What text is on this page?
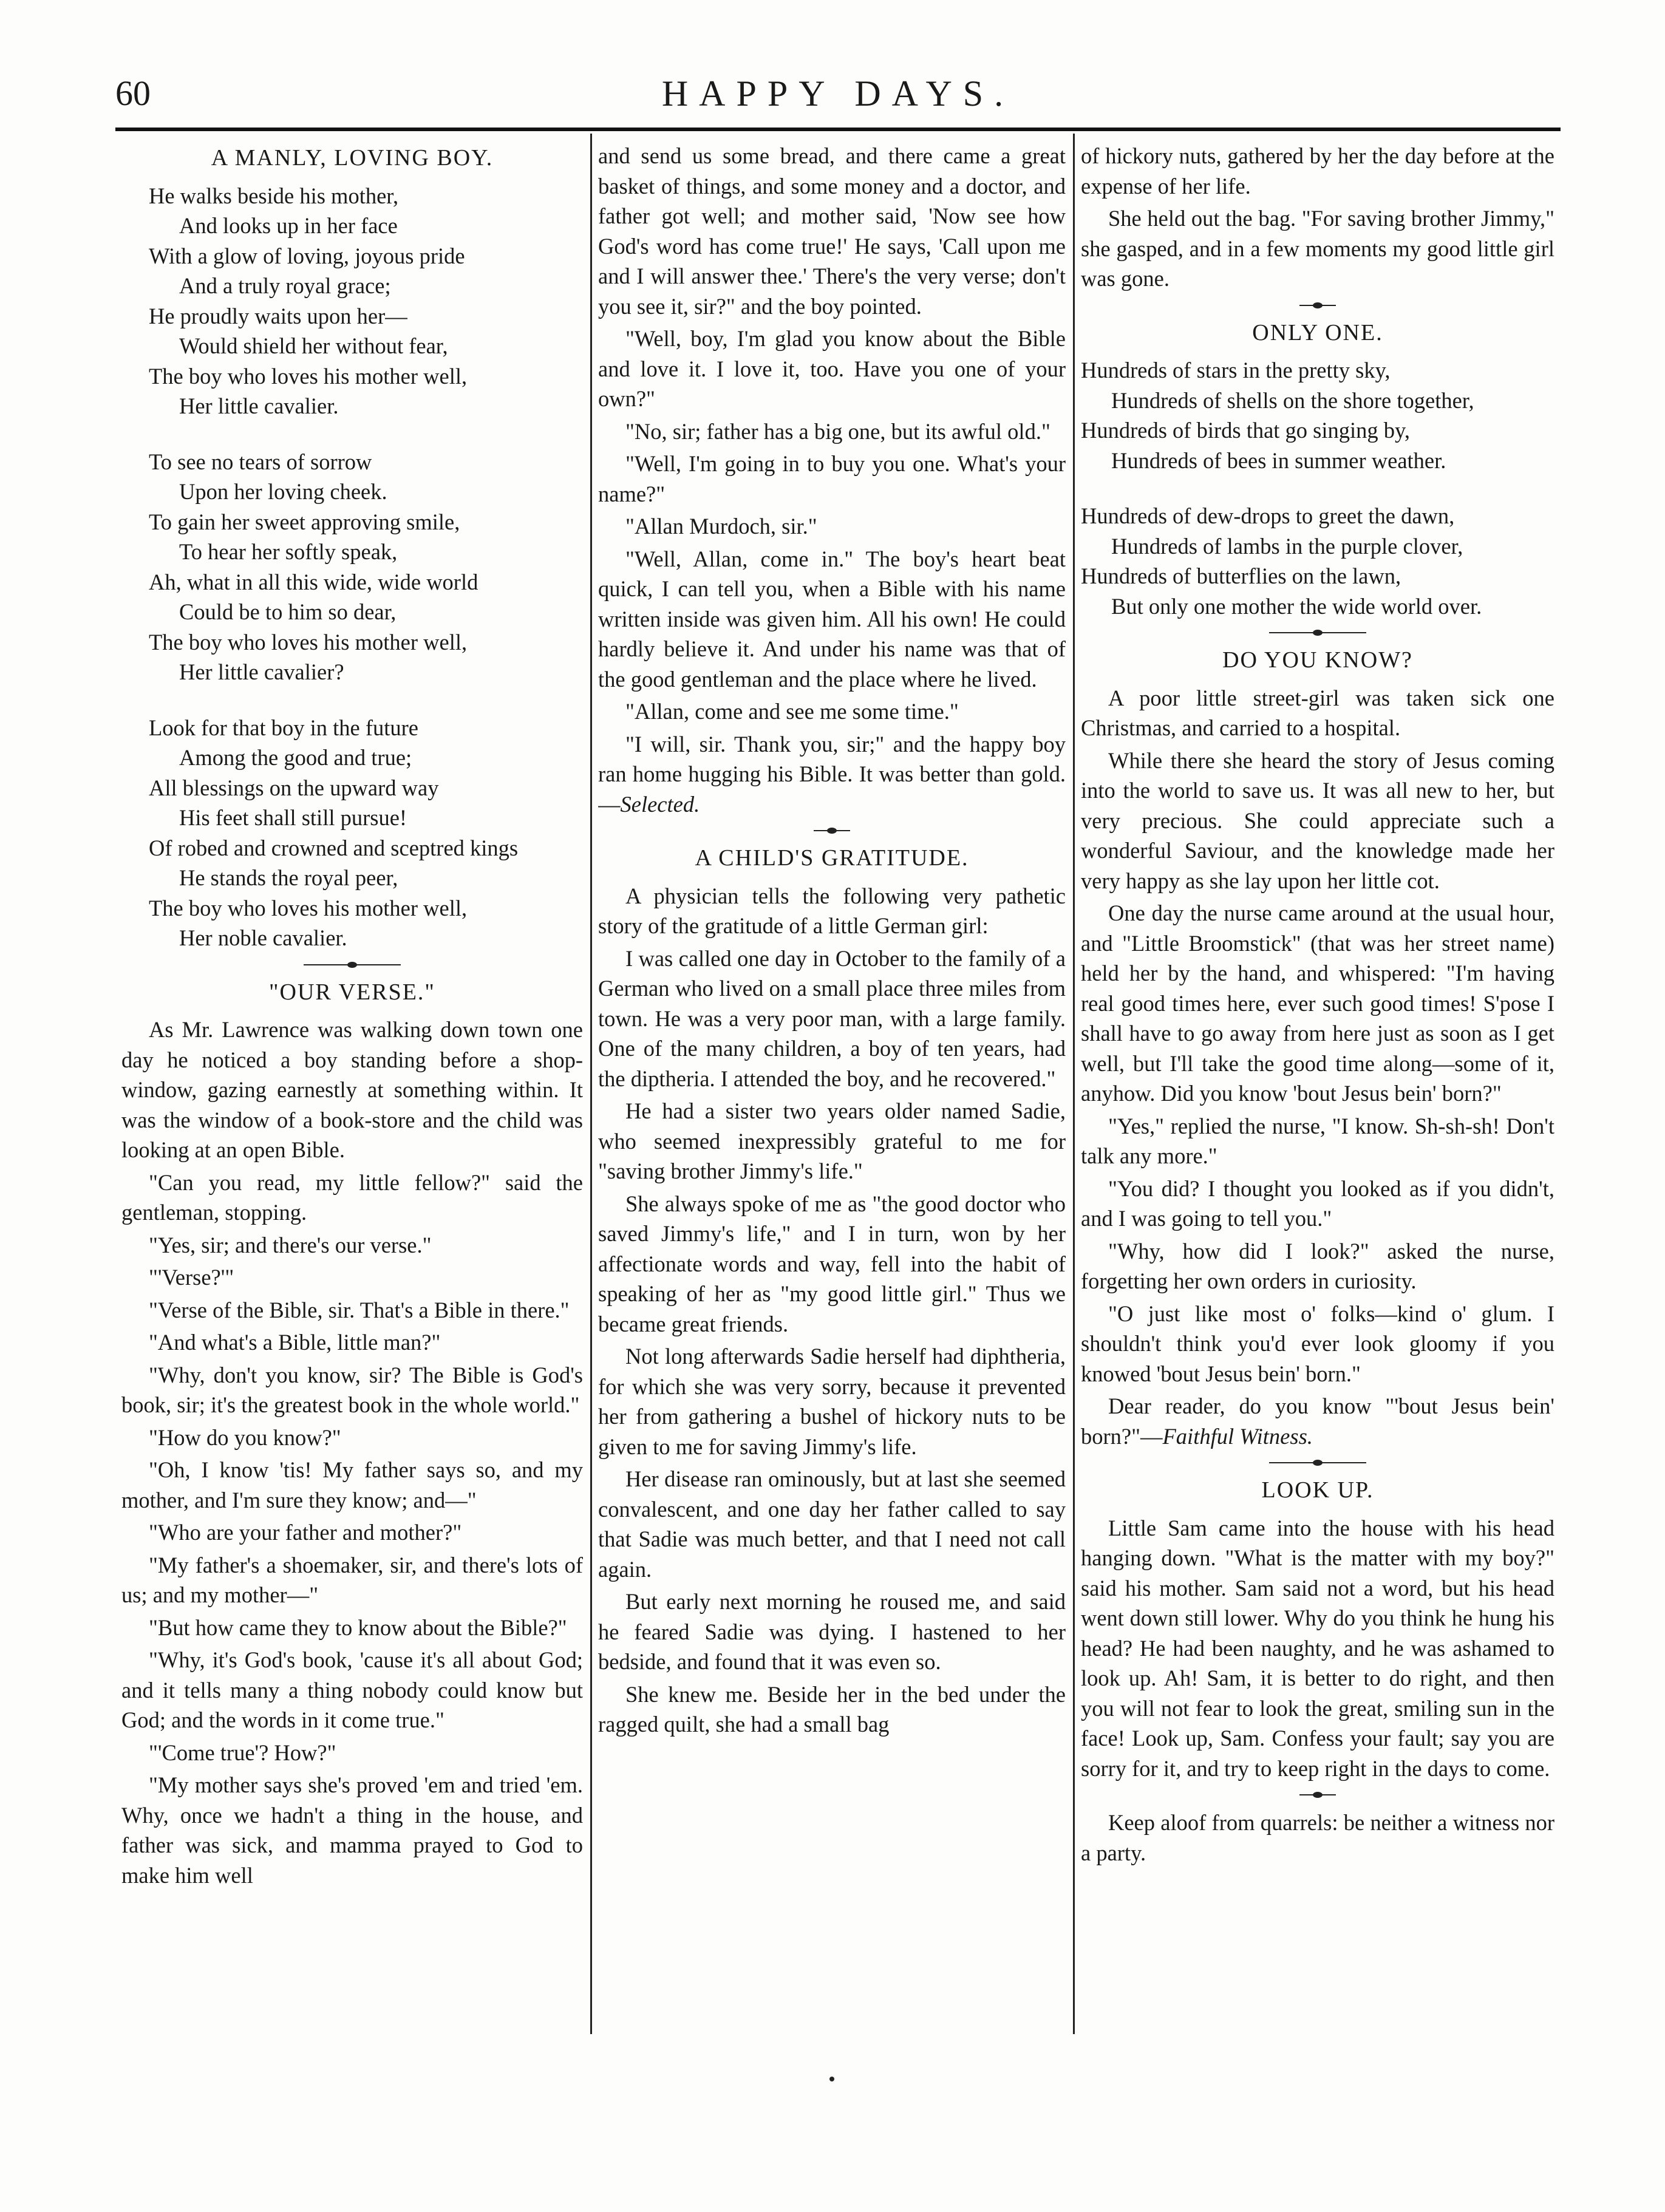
60	HAPPY DAYS.
A MANLY, LOVING BOY.
He walks beside his mother,
And looks up in her face
With a glow of loving, joyous pride
And a truly royal grace;
He proudly waits upon her—
Would shield her without fear,
The boy who loves his mother well,
Her little cavalier.
To see no tears of sorrow
Upon her loving cheek.
To gain her sweet approving smile,
To hear her softly speak,
Ah, what in all this wide, wide world
Could be to him so dear,
The boy who loves his mother well,
Her little cavalier?
Look for that boy in the future
Among the good and true;
All blessings on the upward way
His feet shall still pursue!
Of robed and crowned and sceptred kings
He stands the royal peer,
The boy who loves his mother well,
Her noble cavalier.
"OUR VERSE."

As Mr. Lawrence was walking down town one day he noticed a boy standing before a shop-window, gazing earnestly at something within. It was the window of a book-store and the child was looking at an open Bible.

"Can you read, my little fellow?" said the gentleman, stopping.

"Yes, sir; and there's our verse."

"'Verse?'"

"Verse of the Bible, sir. That's a Bible in there."

"And what's a Bible, little man?"

"Why, don't you know, sir? The Bible is God's book, sir; it's the greatest book in the whole world."

"How do you know?"

"Oh, I know 'tis! My father says so, and my mother, and I'm sure they know; and—"

"Who are your father and mother?"

"My father's a shoemaker, sir, and there's lots of us; and my mother—"

"But how came they to know about the Bible?"

"Why, it's God's book, 'cause it's all about God; and it tells many a thing nobody could know but God; and the words in it come true."

"'Come true'? How?"

"My mother says she's proved 'em and tried 'em. Why, once we hadn't a thing in the house, and father was sick, and mamma prayed to God to make him well

and send us some bread, and there came a great basket of things, and some money and a doctor, and father got well; and mother said, 'Now see how God's word has come true!' He says, 'Call upon me and I will answer thee.' There's the very verse; don't you see it, sir?" and the boy pointed.

"Well, boy, I'm glad you know about the Bible and love it. I love it, too. Have you one of your own?"

"No, sir; father has a big one, but its awful old."

"Well, I'm going in to buy you one. What's your name?"

"Allan Murdoch, sir."

"Well, Allan, come in." The boy's heart beat quick, I can tell you, when a Bible with his name written inside was given him. All his own! He could hardly believe it. And under his name was that of the good gentleman and the place where he lived.

"Allan, come and see me some time."

"I will, sir. Thank you, sir;" and the happy boy ran home hugging his Bible. It was better than gold.—Selected.

A CHILD'S GRATITUDE.

A physician tells the following very pathetic story of the gratitude of a little German girl:

I was called one day in October to the family of a German who lived on a small place three miles from town. He was a very poor man, with a large family. One of the many children, a boy of ten years, had the diptheria. I attended the boy, and he recovered."

He had a sister two years older named Sadie, who seemed inexpressibly grateful to me for "saving brother Jimmy's life."

She always spoke of me as "the good doctor who saved Jimmy's life," and I in turn, won by her affectionate words and way, fell into the habit of speaking of her as "my good little girl." Thus we became great friends.

Not long afterwards Sadie herself had diphtheria, for which she was very sorry, because it prevented her from gathering a bushel of hickory nuts to be given to me for saving Jimmy's life.

Her disease ran ominously, but at last she seemed convalescent, and one day her father called to say that Sadie was much better, and that I need not call again.

But early next morning he roused me, and said he feared Sadie was dying. I hastened to her bedside, and found that it was even so.

She knew me. Beside her in the bed under the ragged quilt, she had a small bag

of hickory nuts, gathered by her the day before at the expense of her life.

She held out the bag. "For saving brother Jimmy," she gasped, and in a few moments my good little girl was gone.

ONLY ONE.
Hundreds of stars in the pretty sky,
Hundreds of shells on the shore together,
Hundreds of birds that go singing by,
Hundreds of bees in summer weather.
Hundreds of dew-drops to greet the dawn,
Hundreds of lambs in the purple clover,
Hundreds of butterflies on the lawn,
But only one mother the wide world over.
DO YOU KNOW?

A poor little street-girl was taken sick one Christmas, and carried to a hospital.

While there she heard the story of Jesus coming into the world to save us. It was all new to her, but very precious. She could appreciate such a wonderful Saviour, and the knowledge made her very happy as she lay upon her little cot.

One day the nurse came around at the usual hour, and "Little Broomstick" (that was her street name) held her by the hand, and whispered: "I'm having real good times here, ever such good times! S'pose I shall have to go away from here just as soon as I get well, but I'll take the good time along—some of it, anyhow. Did you know 'bout Jesus bein' born?"

"Yes," replied the nurse, "I know. Sh-sh-sh! Don't talk any more."

"You did? I thought you looked as if you didn't, and I was going to tell you."

"Why, how did I look?" asked the nurse, forgetting her own orders in curiosity.

"O just like most o' folks—kind o' glum. I shouldn't think you'd ever look gloomy if you knowed 'bout Jesus bein' born."

Dear reader, do you know "'bout Jesus bein' born?"—Faithful Witness.

LOOK UP.

Little Sam came into the house with his head hanging down. "What is the matter with my boy?" said his mother. Sam said not a word, but his head went down still lower. Why do you think he hung his head? He had been naughty, and he was ashamed to look up. Ah! Sam, it is better to do right, and then you will not fear to look the great, smiling sun in the face! Look up, Sam. Confess your fault; say you are sorry for it, and try to keep right in the days to come.

Keep aloof from quarrels: be neither a witness nor a party.
